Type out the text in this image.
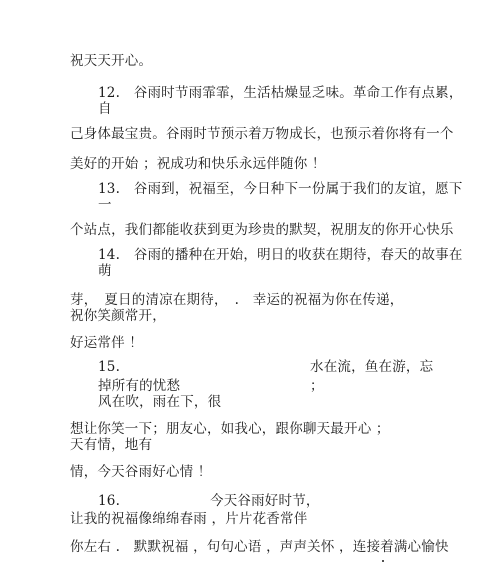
祝天天开心。
12.　谷雨时节雨霏霏，生活枯燥显乏味。革命工作有点累，
自
己身体最宝贵。谷雨时节预示着万物成长，也预示着你将有一个
美好的开始 ；祝成功和快乐永远伴随你 ！
13.　谷雨到，祝福至，今日种下一份属于我们的友谊，愿下
一
个站点，我们都能收获到更为珍贵的默契，祝朋友的你开心快乐
14.　谷雨的播种在开始，明日的收获在期待，春天的故事在
萌
芽，　夏日的清凉在期待，　.　幸运的祝福为你在传递，
祝你笑颜常开，
好运常伴 ！
15.	水在流，鱼在游，忘
掉所有的忧愁	；
风在吹，雨在下，很
想让你笑一下；朋友心，如我心，跟你聊天最开心 ；
天有情，地有
情，今天谷雨好心情 ！
16.	今天谷雨好时节，
让我的祝福像绵绵春雨 ，片片花香常伴
你左右 .　默默祝福 ，句句心语 ，声声关怀 ，连接着满心愉快
